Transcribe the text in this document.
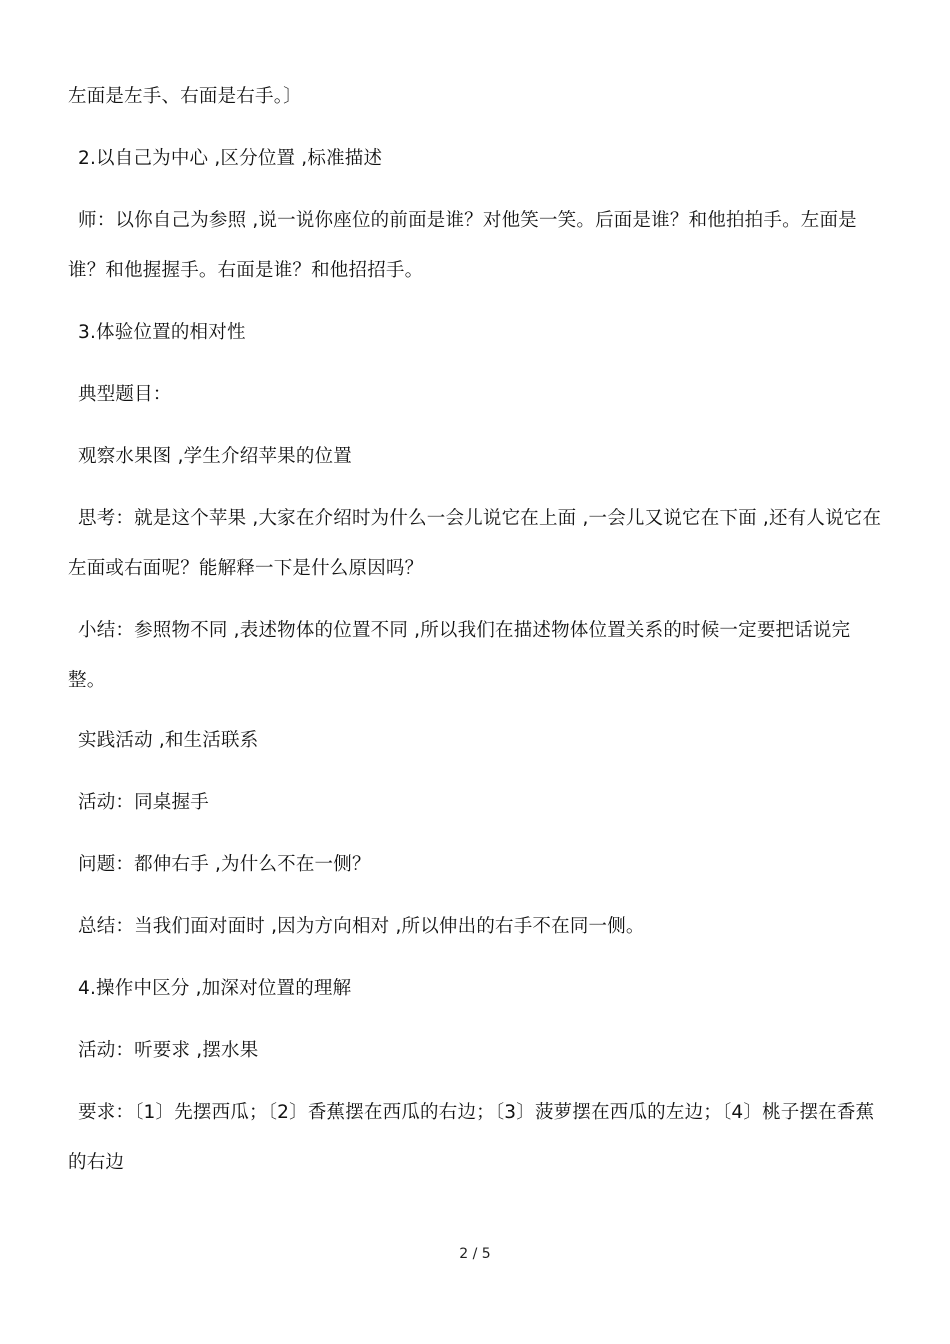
左面是左手、右面是右手。〕
2.以自己为中心 ,区分位置 ,标准描述
师：以你自己为参照 ,说一说你座位的前面是谁？对他笑一笑。后面是谁？和他拍拍手。左面是谁？和他握握手。右面是谁？和他招招手。
3.体验位置的相对性
典型题目：
观察水果图 ,学生介绍苹果的位置
思考：就是这个苹果 ,大家在介绍时为什么一会儿说它在上面 ,一会儿又说它在下面 ,还有人说它在左面或右面呢？能解释一下是什么原因吗？
小结：参照物不同 ,表述物体的位置不同 ,所以我们在描述物体位置关系的时候一定要把话说完整。
实践活动 ,和生活联系
活动：同桌握手
问题：都伸右手 ,为什么不在一侧？
总结：当我们面对面时 ,因为方向相对 ,所以伸出的右手不在同一侧。
4.操作中区分 ,加深对位置的理解
活动：听要求 ,摆水果
要求：〔1〕先摆西瓜；〔2〕香蕉摆在西瓜的右边；〔3〕菠萝摆在西瓜的左边；〔4〕桃子摆在香蕉的右边
2 / 5
